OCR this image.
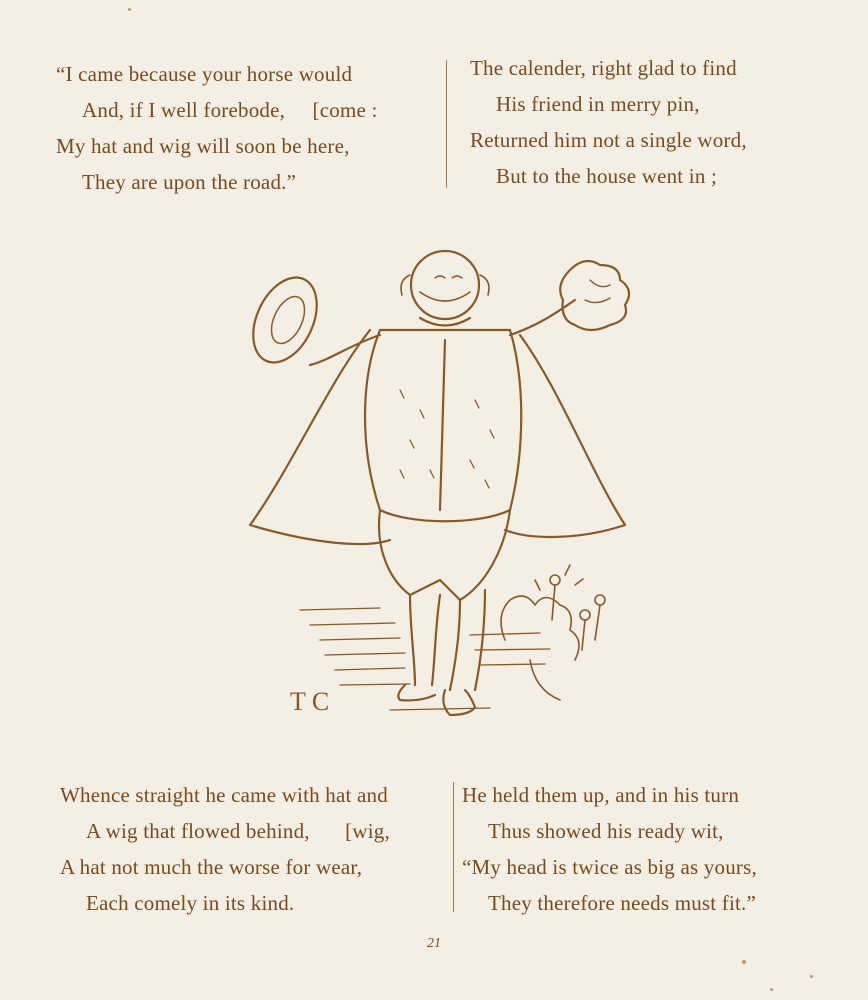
“I came because your horse would
And, if I well forebode, [come :
My hat and wig will soon be here,
They are upon the road.”
The calender, right glad to find
His friend in merry pin,
Returned him not a single word,
But to the house went in ;
T C
Whence straight he came with hat and
A wig that flowed behind, [wig,
A hat not much the worse for wear,
Each comely in its kind.
He held them up, and in his turn
Thus showed his ready wit,
“My head is twice as big as yours,
They therefore needs must fit.”
21
